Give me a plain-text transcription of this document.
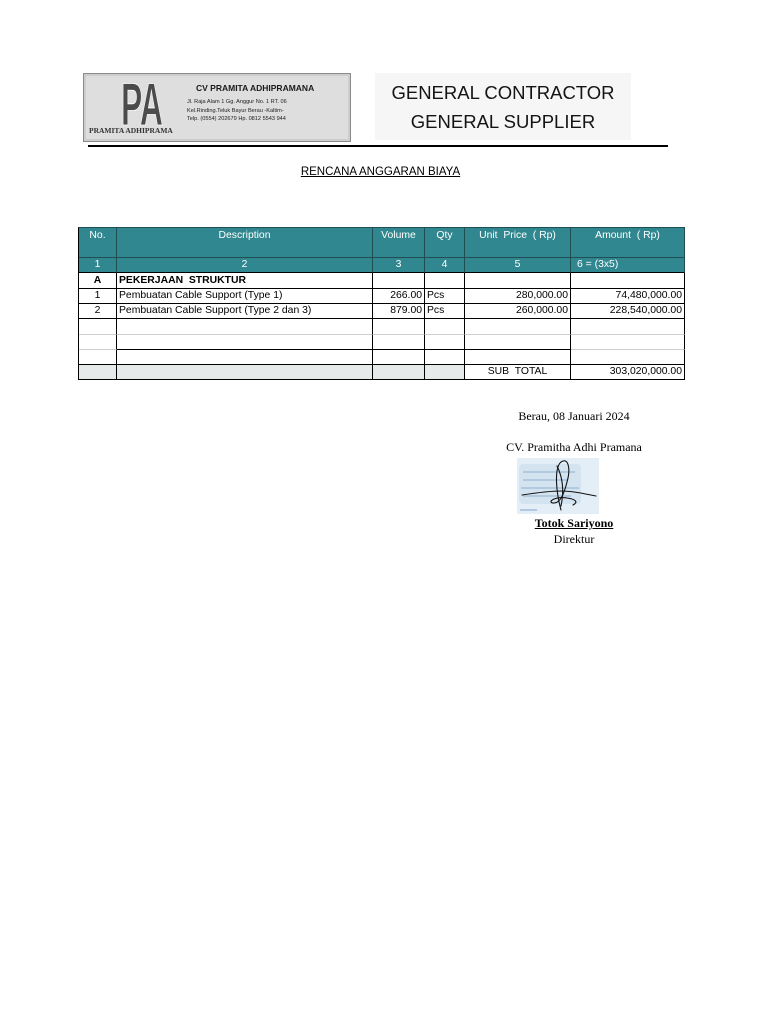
PA	CV PRAMITA ADHIPRAMANA
Jl. Raja Alam 1 Gg. Anggur No. 1 RT. 06
Kel.Rinding.Teluk Bayur Berau -Kaltim-
Telp. (0554) 202679 Hp. 0812 5543 944
PRAMITA ADHIPRAMA
GENERAL CONTRACTOR
GENERAL SUPPLIER
RENCANA ANGGARAN BIAYA
No.	Description	Volume	Qty	Unit  Price  ( Rp)	Amount  ( Rp)
1	2	3	4	5	6 = (3x5)
A	PEKERJAAN  STRUKTUR				
1	Pembuatan Cable Support (Type 1)	266.00	Pcs	280,000.00	74,480,000.00
2	Pembuatan Cable Support (Type 2 dan 3)	879.00	Pcs	260,000.00	228,540,000.00

				SUB  TOTAL	303,020,000.00
Berau, 08 Januari 2024
CV. Pramitha Adhi Pramana
Totok Sariyono
Direktur
